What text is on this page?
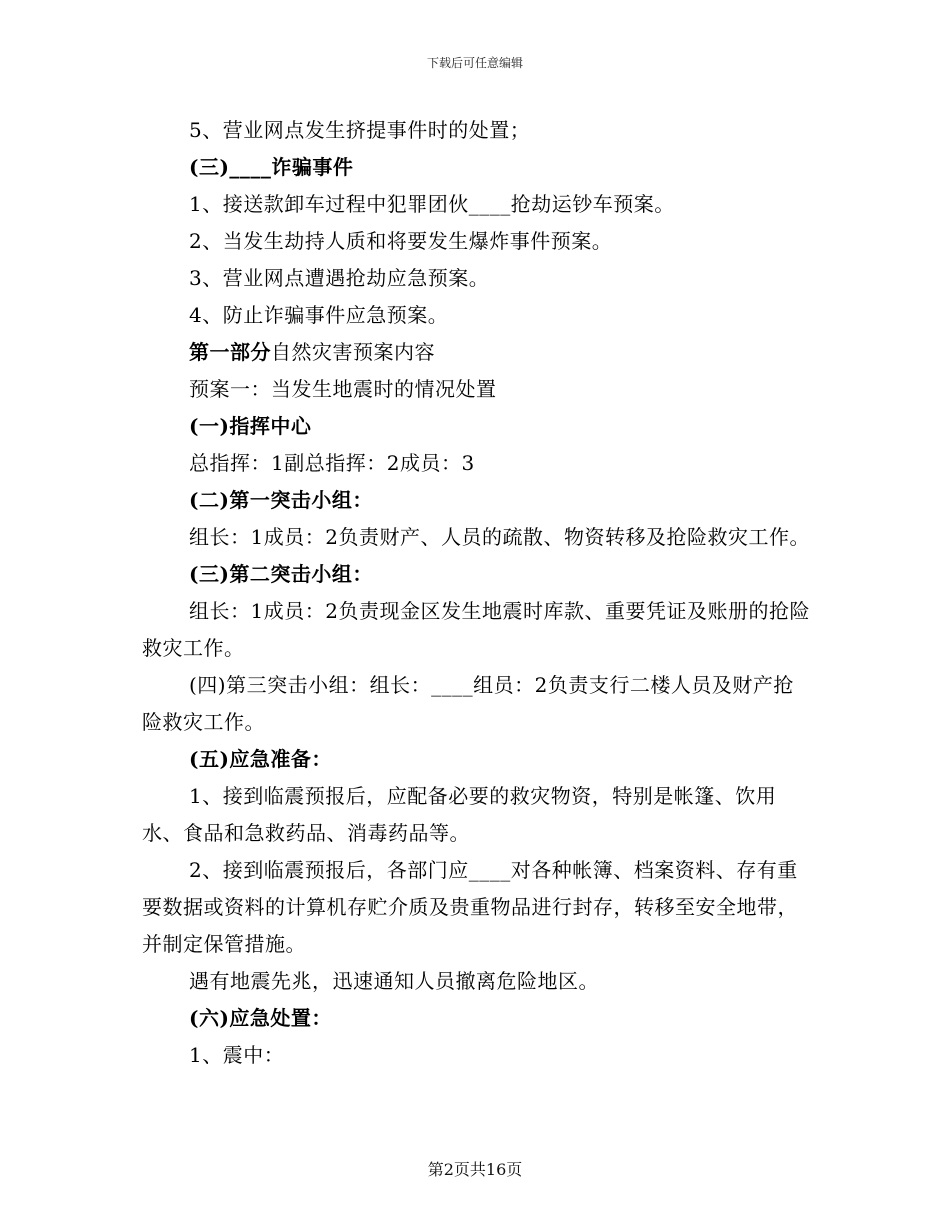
下载后可任意编辑

5、营业网点发生挤提事件时的处置；

(三)____诈骗事件

1、接送款卸车过程中犯罪团伙____抢劫运钞车预案。

2、当发生劫持人质和将要发生爆炸事件预案。

3、营业网点遭遇抢劫应急预案。

4、防止诈骗事件应急预案。

第一部分自然灾害预案内容

预案一：当发生地震时的情况处置

(一)指挥中心

总指挥：1副总指挥：2成员：3

(二)第一突击小组：

组长：1成员：2负责财产、人员的疏散、物资转移及抢险救灾工作。

(三)第二突击小组：

组长：1成员：2负责现金区发生地震时库款、重要凭证及账册的抢险救灾工作。

(四)第三突击小组：组长：____组员：2负责支行二楼人员及财产抢险救灾工作。

(五)应急准备：

1、接到临震预报后，应配备必要的救灾物资，特别是帐篷、饮用水、食品和急救药品、消毒药品等。

2、接到临震预报后，各部门应____对各种帐簿、档案资料、存有重要数据或资料的计算机存贮介质及贵重物品进行封存，转移至安全地带，并制定保管措施。

遇有地震先兆，迅速通知人员撤离危险地区。

(六)应急处置：

1、震中：

第2页共16页
